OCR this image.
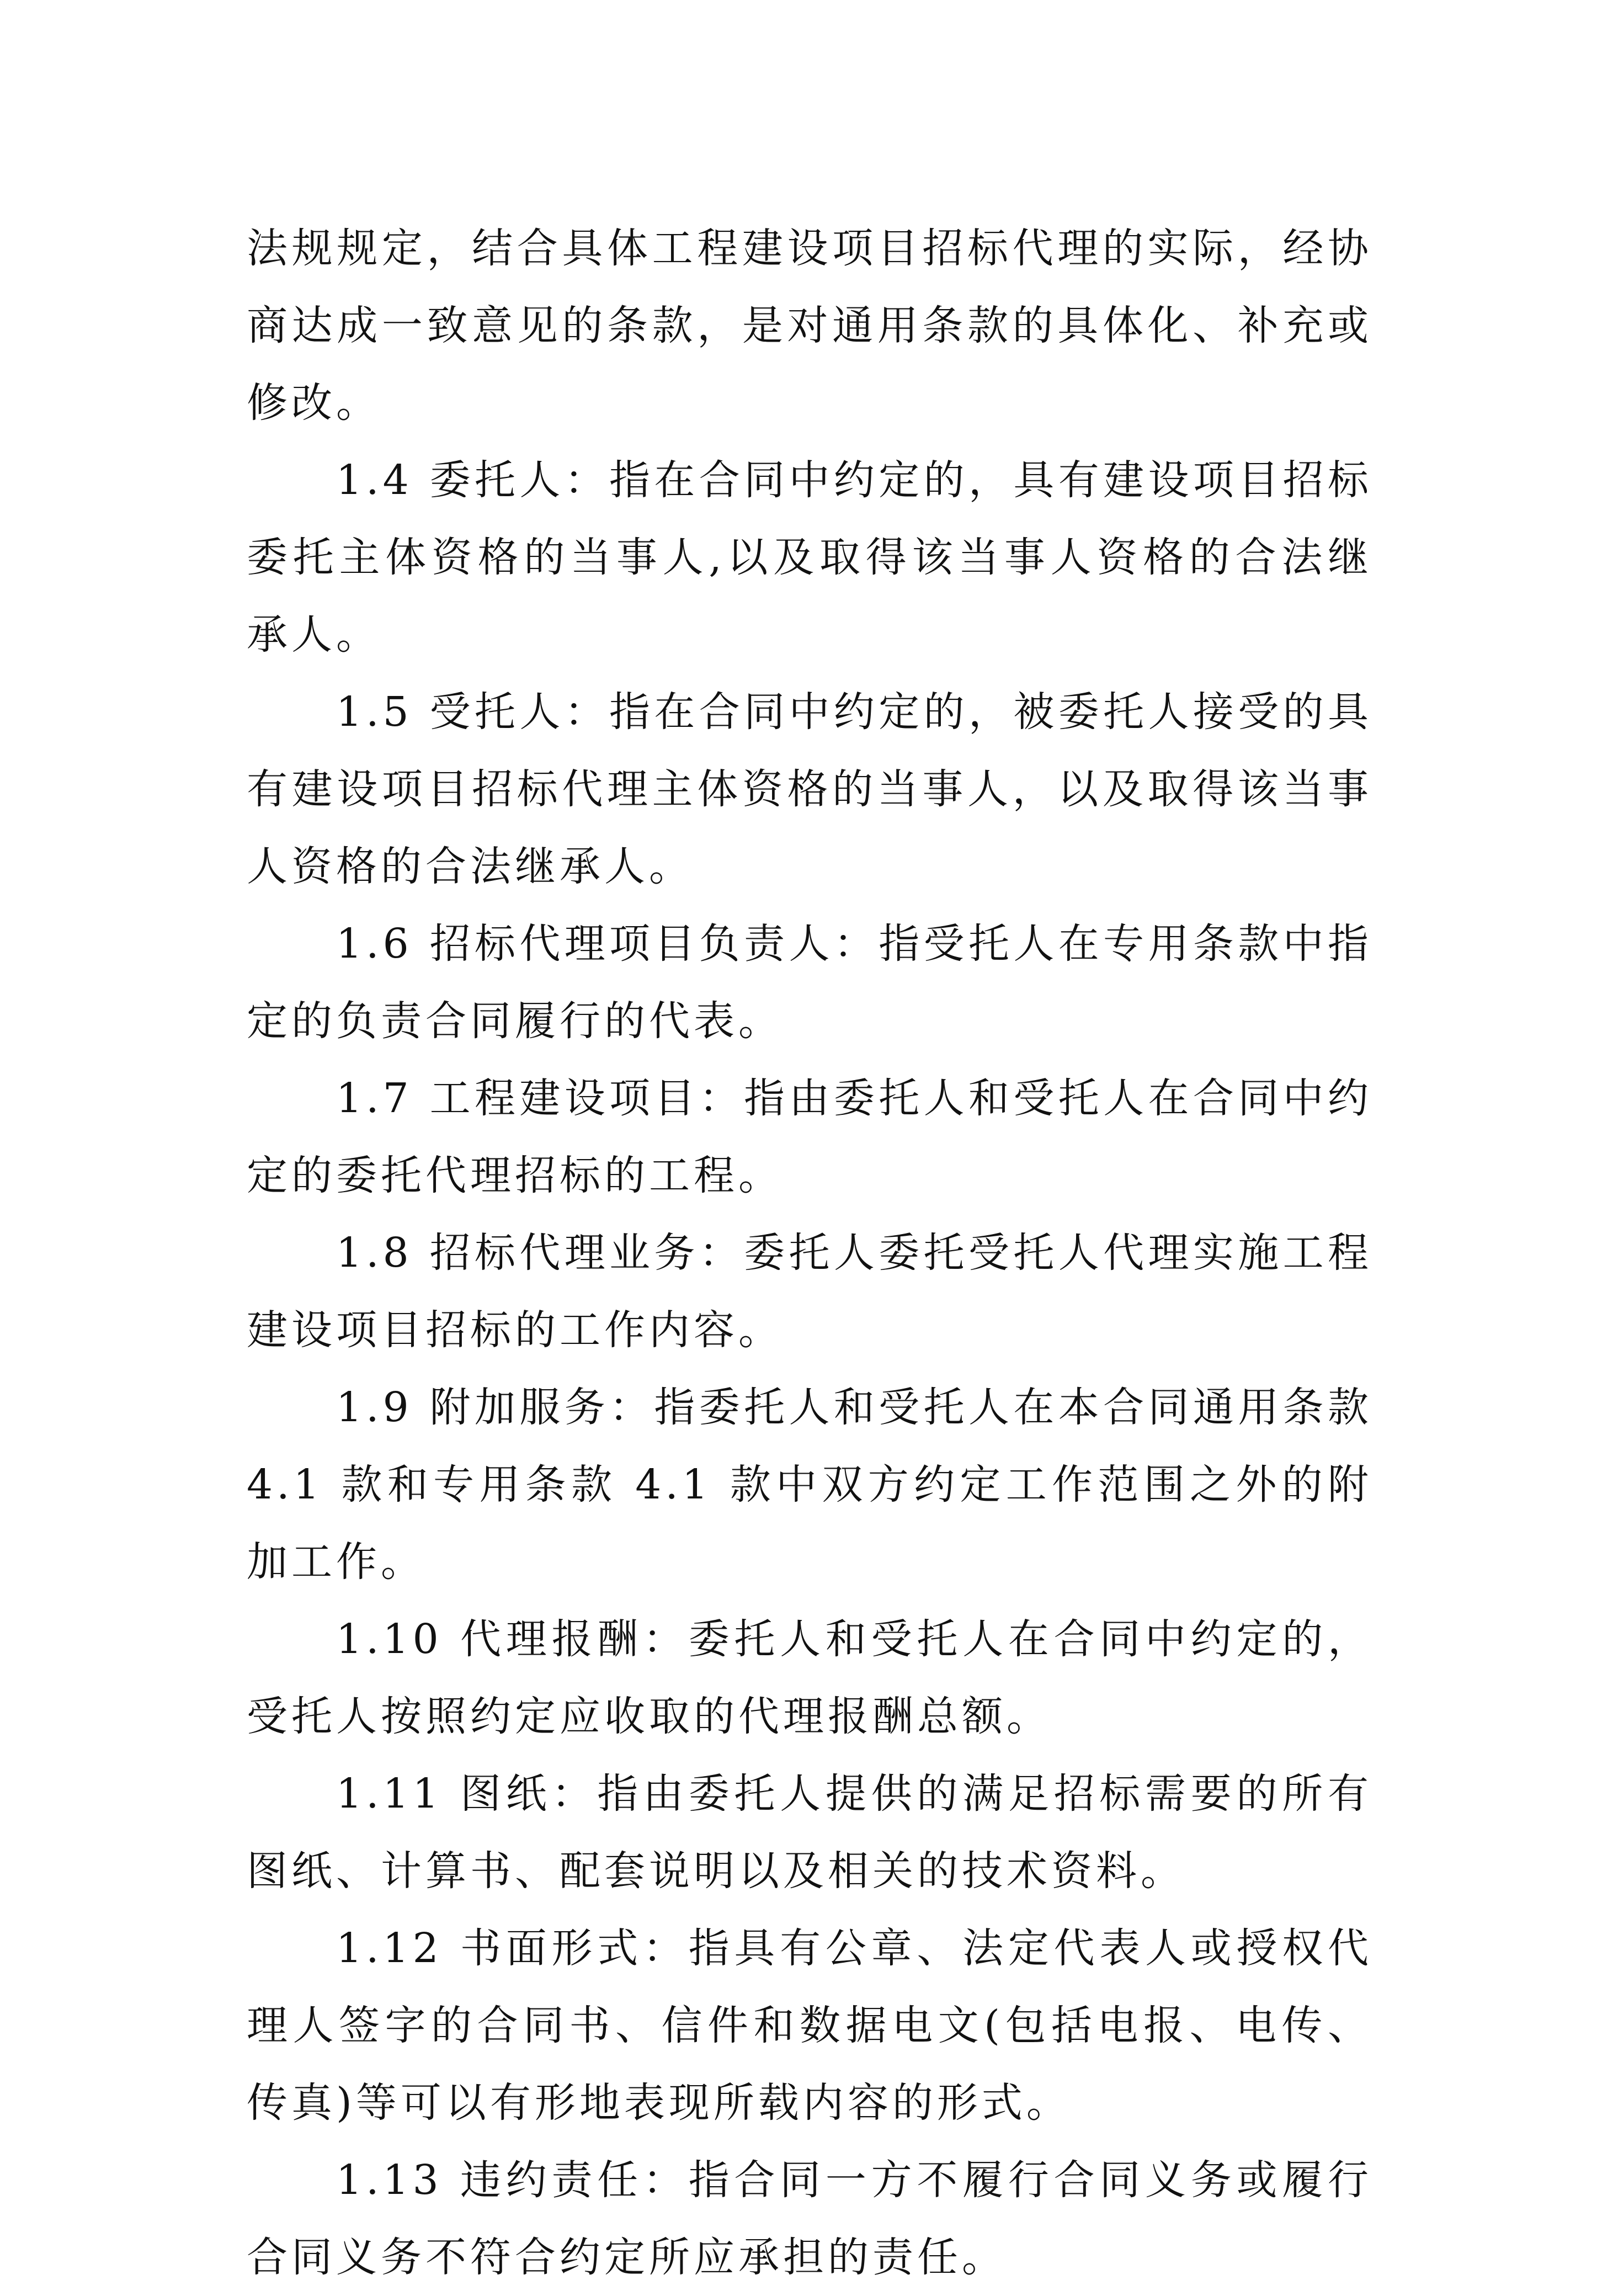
法规规定，结合具体工程建设项目招标代理的实际，经协商达成一致意见的条款，是对通用条款的具体化、补充或修改。

1.4 委托人：指在合同中约定的，具有建设项目招标委托主体资格的当事人,以及取得该当事人资格的合法继承人。

1.5 受托人：指在合同中约定的，被委托人接受的具有建设项目招标代理主体资格的当事人，以及取得该当事人资格的合法继承人。

1.6 招标代理项目负责人：指受托人在专用条款中指定的负责合同履行的代表。

1.7 工程建设项目：指由委托人和受托人在合同中约定的委托代理招标的工程。

1.8 招标代理业务：委托人委托受托人代理实施工程建设项目招标的工作内容。

1.9 附加服务：指委托人和受托人在本合同通用条款 4.1 款和专用条款 4.1 款中双方约定工作范围之外的附加工作。

1.10 代理报酬：委托人和受托人在合同中约定的，受托人按照约定应收取的代理报酬总额。

1.11 图纸：指由委托人提供的满足招标需要的所有图纸、计算书、配套说明以及相关的技术资料。

1.12 书面形式：指具有公章、法定代表人或授权代理人签字的合同书、信件和数据电文(包括电报、电传、传真)等可以有形地表现所载内容的形式。

1.13 违约责任：指合同一方不履行合同义务或履行合同义务不符合约定所应承担的责任。
